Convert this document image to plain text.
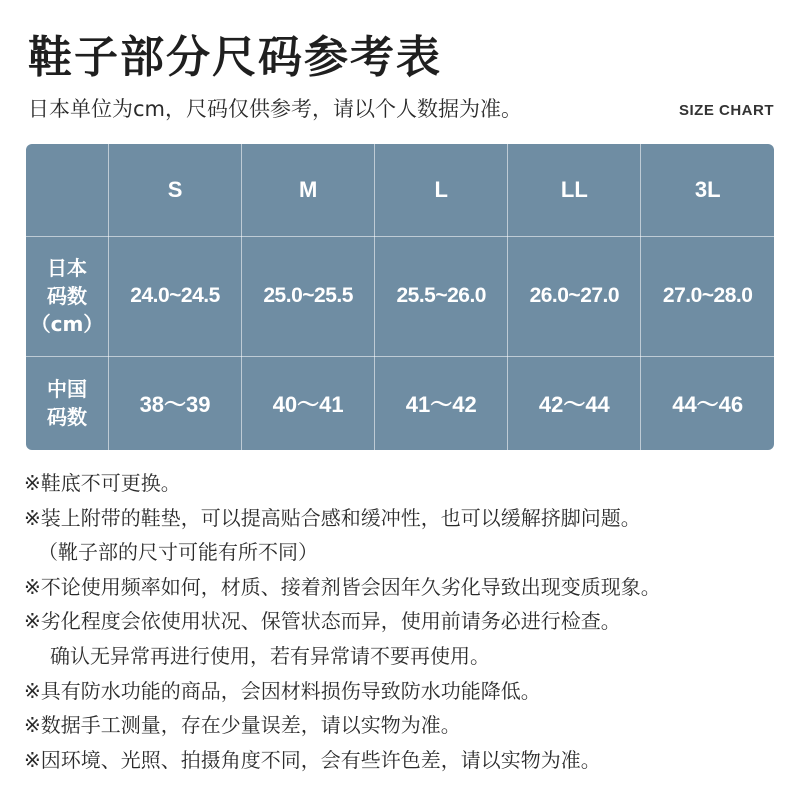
鞋子部分尺码参考表
日本单位为cm，尺码仅供参考，请以个人数据为准。	SIZE CHART
	S	M	L	LL	3L

日本
码数
（cm）	24.0~24.5	25.0~25.5	25.5~26.0	26.0~27.0	27.0~28.0

中国
码数	38～39	40～41	41～42	42～44	44～46
※鞋底不可更换。
※装上附带的鞋垫，可以提高贴合感和缓冲性，也可以缓解挤脚问题。
（靴子部的尺寸可能有所不同）
※不论使用频率如何，材质、接着剂皆会因年久劣化导致出现变质现象。
※劣化程度会依使用状况、保管状态而异，使用前请务必进行检查。
确认无异常再进行使用，若有异常请不要再使用。
※具有防水功能的商品，会因材料损伤导致防水功能降低。
※数据手工测量，存在少量误差，请以实物为准。
※因环境、光照、拍摄角度不同，会有些许色差，请以实物为准。
